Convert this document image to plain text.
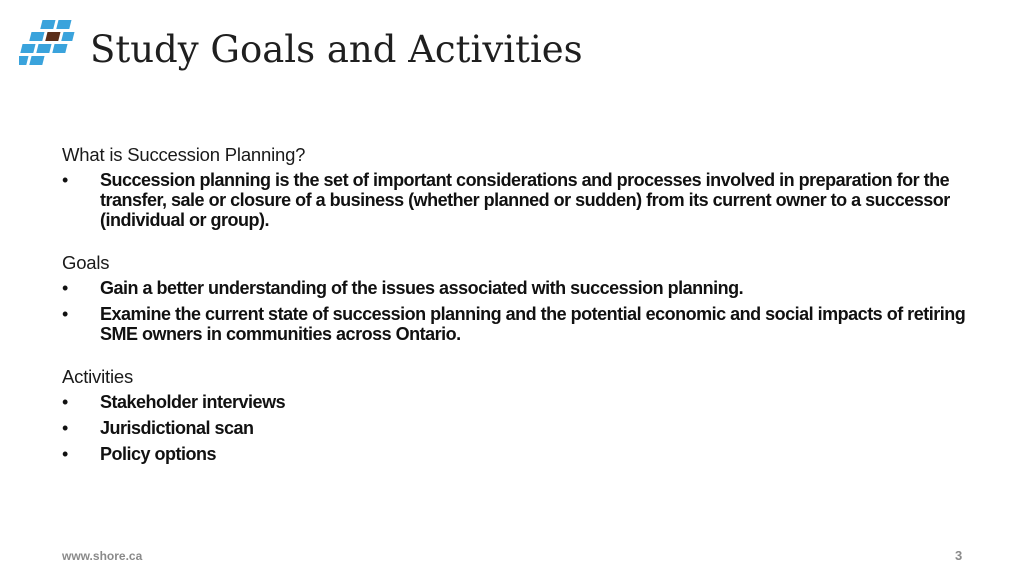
Study Goals and Activities
What is Succession Planning?
• Succession planning is the set of important considerations and processes involved in preparation for the transfer, sale or closure of a business (whether planned or sudden) from its current owner to a successor (individual or group).
Goals
• Gain a better understanding of the issues associated with succession planning.
• Examine the current state of succession planning and the potential economic and social impacts of retiring SME owners in communities across Ontario.
Activities
• Stakeholder interviews
• Jurisdictional scan
• Policy options
www.shore.ca	3
